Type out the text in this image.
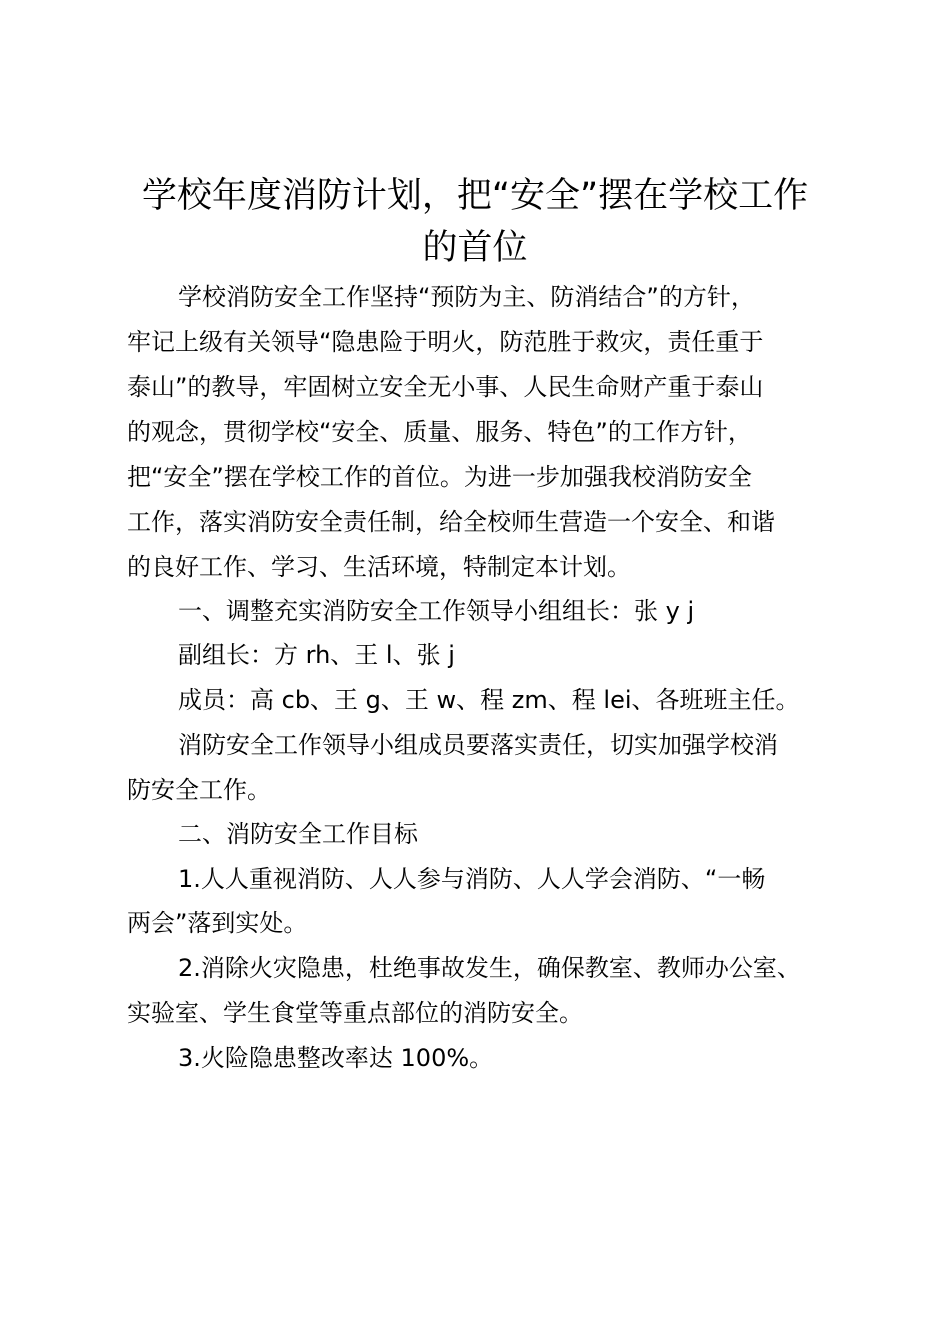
学校年度消防计划，把“安全”摆在学校工作
的首位

学校消防安全工作坚持“预防为主、防消结合”的方针，

牢记上级有关领导“隐患险于明火，防范胜于救灾，责任重于

泰山”的教导，牢固树立安全无小事、人民生命财产重于泰山

的观念，贯彻学校“安全、质量、服务、特色”的工作方针，

把“安全”摆在学校工作的首位。为进一步加强我校消防安全

工作，落实消防安全责任制，给全校师生营造一个安全、和谐

的良好工作、学习、生活环境，特制定本计划。

一、调整充实消防安全工作领导小组组长：张 y j

副组长：方 rh、王 l、张 j

成员：高 cb、王 g、王 w、程 zm、程 lei、各班班主任。

消防安全工作领导小组成员要落实责任，切实加强学校消

防安全工作。

二、消防安全工作目标

1.人人重视消防、人人参与消防、人人学会消防、“一畅

两会”落到实处。

2.消除火灾隐患，杜绝事故发生，确保教室、教师办公室、

实验室、学生食堂等重点部位的消防安全。

3.火险隐患整改率达 100%。
